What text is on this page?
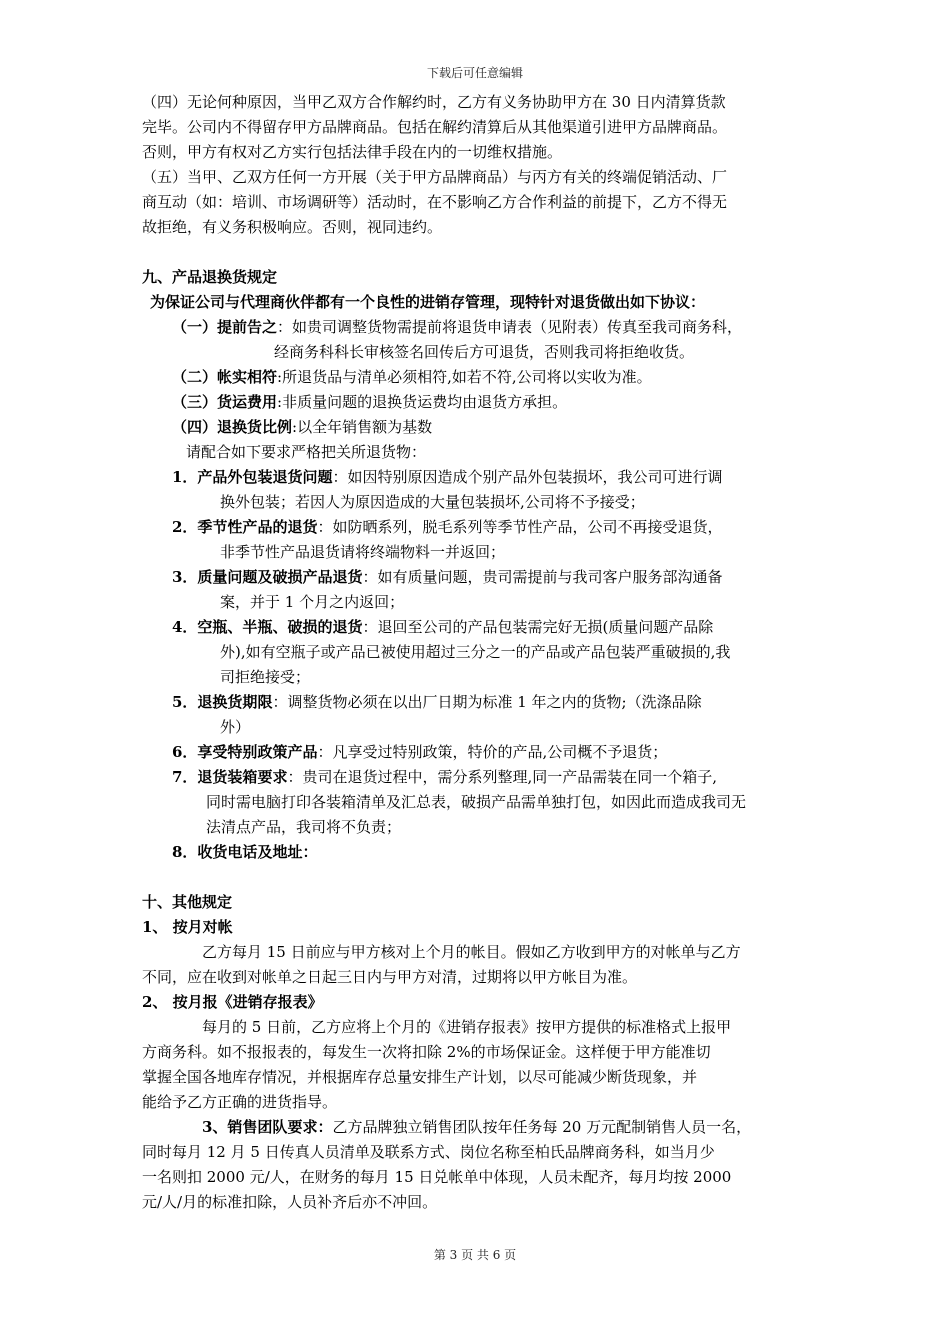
下载后可任意编辑

（四）无论何种原因，当甲乙双方合作解约时，乙方有义务协助甲方在 30 日内清算货款

完毕。公司内不得留存甲方品牌商品。包括在解约清算后从其他渠道引进甲方品牌商品。

否则，甲方有权对乙方实行包括法律手段在内的一切维权措施。

（五）当甲、乙双方任何一方开展（关于甲方品牌商品）与丙方有关的终端促销活动、厂

商互动（如：培训、市场调研等）活动时，在不影响乙方合作利益的前提下，乙方不得无

故拒绝，有义务积极响应。否则，视同违约。

九、产品退换货规定

为保证公司与代理商伙伴都有一个良性的进销存管理，现特针对退货做出如下协议：

（一）提前告之：如贵司调整货物需提前将退货申请表（见附表）传真至我司商务科，

经商务科科长审核签名回传后方可退货，否则我司将拒绝收货。

（二）帐实相符:所退货品与清单必须相符,如若不符,公司将以实收为准。

（三）货运费用:非质量问题的退换货运费均由退货方承担。

（四）退换货比例:以全年销售额为基数

请配合如下要求严格把关所退货物：

1．产品外包装退货问题：如因特别原因造成个别产品外包装损坏，我公司可进行调

换外包装；若因人为原因造成的大量包装损坏,公司将不予接受；

2．季节性产品的退货：如防晒系列，脱毛系列等季节性产品，公司不再接受退货，

非季节性产品退货请将终端物料一并返回；

3．质量问题及破损产品退货：如有质量问题，贵司需提前与我司客户服务部沟通备

案，并于 1 个月之内返回；

4．空瓶、半瓶、破损的退货：退回至公司的产品包装需完好无损(质量问题产品除

外),如有空瓶子或产品已被使用超过三分之一的产品或产品包装严重破损的,我

司拒绝接受；

5．退换货期限：调整货物必须在以出厂日期为标准 1 年之内的货物;（洗涤品除

外）

6．享受特别政策产品：凡享受过特别政策，特价的产品,公司概不予退货；

7．退货装箱要求：贵司在退货过程中，需分系列整理,同一产品需装在同一个箱子,

同时需电脑打印各装箱清单及汇总表，破损产品需单独打包，如因此而造成我司无

法清点产品，我司将不负责；

8．收货电话及地址：

十、其他规定

1、 按月对帐

乙方每月 15 日前应与甲方核对上个月的帐目。假如乙方收到甲方的对帐单与乙方

不同，应在收到对帐单之日起三日内与甲方对清，过期将以甲方帐目为准。

2、 按月报《进销存报表》

每月的 5 日前，乙方应将上个月的《进销存报表》按甲方提供的标准格式上报甲

方商务科。如不报报表的，每发生一次将扣除 2%的市场保证金。这样便于甲方能准切

掌握全国各地库存情况，并根据库存总量安排生产计划，以尽可能减少断货现象，并

能给予乙方正确的进货指导。

3、销售团队要求：乙方品牌独立销售团队按年任务每 20 万元配制销售人员一名，

同时每月 12 月 5 日传真人员清单及联系方式、岗位名称至柏氏品牌商务科，如当月少

一名则扣 2000 元/人，在财务的每月 15 日兑帐单中体现，人员未配齐，每月均按 2000

元/人/月的标准扣除，人员补齐后亦不冲回。

第 3 页 共 6 页
